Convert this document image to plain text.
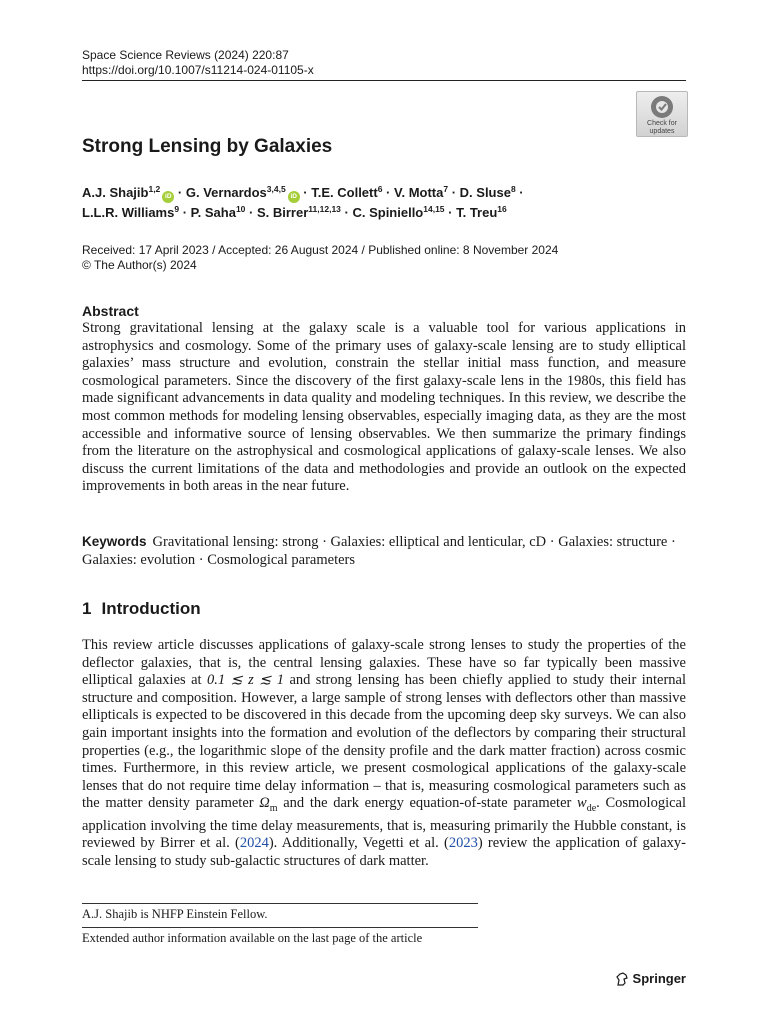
Space Science Reviews (2024) 220:87
https://doi.org/10.1007/s11214-024-01105-x
Check for
updates
Strong Lensing by Galaxies
A.J. Shajib$^{1,2}$iD · G. Vernardos$^{3,4,5}$iD · T.E. Collett$^6$ · V. Motta$^7$ · D. Sluse$^8$ ·
L.L.R. Williams$^9$ · P. Saha$^{10}$ · S. Birrer$^{11,12,13}$ · C. Spiniello$^{14,15}$ · T. Treu$^{16}$
Received: 17 April 2023 / Accepted: 26 August 2024 / Published online: 8 November 2024
© The Author(s) 2024
Abstract

Strong gravitational lensing at the galaxy scale is a valuable tool for various applications in astrophysics and cosmology. Some of the primary uses of galaxy-scale lensing are to study elliptical galaxies’ mass structure and evolution, constrain the stellar initial mass function, and measure cosmological parameters. Since the discovery of the first galaxy-scale lens in the 1980s, this field has made significant advancements in data quality and modeling techniques. In this review, we describe the most common methods for modeling lensing observables, especially imaging data, as they are the most accessible and informative source of lensing observables. We then summarize the primary findings from the literature on the astrophysical and cosmological applications of galaxy-scale lenses. We also discuss the current limitations of the data and methodologies and provide an outlook on the expected improvements in both areas in the near future.

Keywords Gravitational lensing: strong · Galaxies: elliptical and lenticular, cD · Galaxies: structure · Galaxies: evolution · Cosmological parameters

1 Introduction

This review article discusses applications of galaxy-scale strong lenses to study the properties of the deflector galaxies, that is, the central lensing galaxies. These have so far typically been massive elliptical galaxies at 0.1 ≲ z ≲ 1 and strong lensing has been chiefly applied to study their internal structure and composition. However, a large sample of strong lenses with deflectors other than massive ellipticals is expected to be discovered in this decade from the upcoming deep sky surveys. We can also gain important insights into the formation and evolution of the deflectors by comparing their structural properties (e.g., the logarithmic slope of the density profile and the dark matter fraction) across cosmic times. Furthermore, in this review article, we present cosmological applications of the galaxy-scale lenses that do not require time delay information – that is, measuring cosmological parameters such as the matter density parameter $\Omega_m$ and the dark energy equation-of-state parameter $w_{de}$. Cosmological application involving the time delay measurements, that is, measuring primarily the Hubble constant, is reviewed by Birrer et al. (2024). Additionally, Vegetti et al. (2023) review the application of galaxy-scale lensing to study sub-galactic structures of dark matter.

A.J. Shajib is NHFP Einstein Fellow.
Extended author information available on the last page of the article
Springer
